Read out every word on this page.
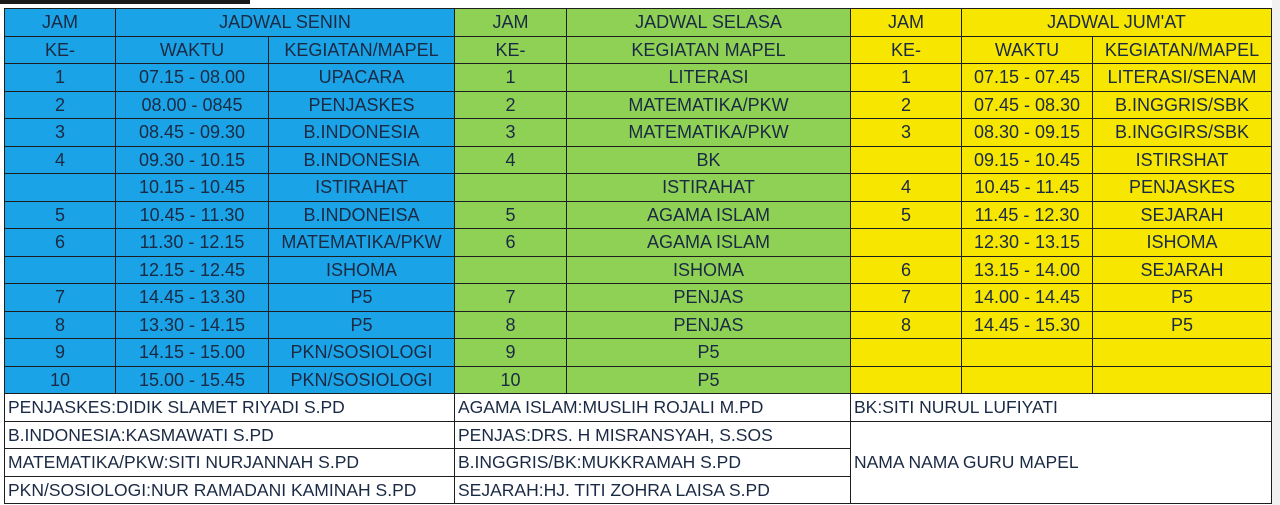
JAM	JADWAL SENIN		JAM	JADWAL SELASA	JAM	JADWAL JUM'AT	
KE-	WAKTU	KEGIATAN/MAPEL	KE-	KEGIATAN MAPEL	KE-	WAKTU	KEGIATAN/MAPEL
1	07.15 - 08.00	UPACARA	1	LITERASI	1	07.15 - 07.45	LITERASI/SENAM
2	08.00 - 0845	PENJASKES	2	MATEMATIKA/PKW	2	07.45 - 08.30	B.INGGRIS/SBK
3	08.45 - 09.30	B.INDONESIA	3	MATEMATIKA/PKW	3	08.30 - 09.15	B.INGGIRS/SBK
4	09.30 - 10.15	B.INDONESIA	4	BK		09.15 - 10.45	ISTIRSHAT
	10.15 - 10.45	ISTIRAHAT		ISTIRAHAT	4	10.45 - 11.45	PENJASKES
5	10.45 - 11.30	B.INDONEISA	5	AGAMA ISLAM	5	11.45 - 12.30	SEJARAH
6	11.30 - 12.15	MATEMATIKA/PKW	6	AGAMA ISLAM		12.30 - 13.15	ISHOMA
	12.15 - 12.45	ISHOMA		ISHOMA	6	13.15 - 14.00	SEJARAH
7	14.45 - 13.30	P5	7	PENJAS	7	14.00 - 14.45	P5
8	13.30 - 14.15	P5	8	PENJAS	8	14.45 - 15.30	P5
9	14.15 - 15.00	PKN/SOSIOLOGI	9	P5			
10	15.00 - 15.45	PKN/SOSIOLOGI	10	P5			
PENJASKES:DIDIK SLAMET RIYADI S.PD			AGAMA ISLAM:MUSLIH ROJALI M.PD		BK:SITI NURUL LUFIYATI		
B.INDONESIA:KASMAWATI S.PD			PENJAS:DRS. H MISRANSYAH, S.SOS		NAMA NAMA GURU MAPEL		
MATEMATIKA/PKW:SITI NURJANNAH S.PD			B.INGGRIS/BK:MUKKRAMAH S.PD				
PKN/SOSIOLOGI:NUR RAMADANI KAMINAH S.PD			SEJARAH:HJ. TITI ZOHRA LAISA S.PD				
